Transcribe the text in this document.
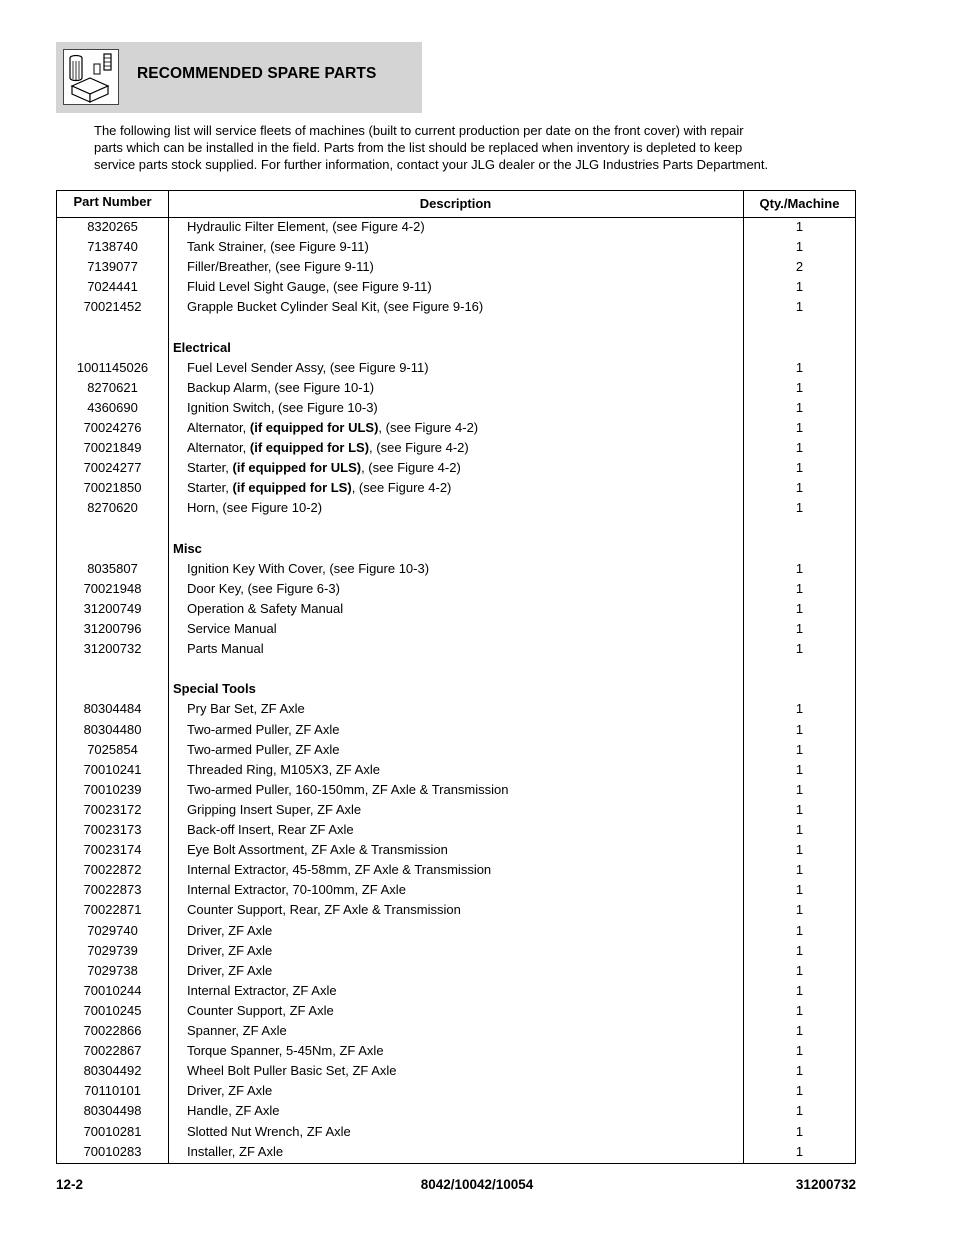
RECOMMENDED SPARE PARTS

The following list will service fleets of machines (built to current production per date on the front cover) with repair
parts which can be installed in the field. Parts from the list should be replaced when inventory is depleted to keep
service parts stock supplied. For further information, contact your JLG dealer or the JLG Industries Parts Department.

Part Number	Description	Qty./Machine
8320265	Hydraulic Filter Element, (see Figure 4-2)	1
7138740	Tank Strainer, (see Figure 9-11)	1
7139077	Filler/Breather, (see Figure 9-11)	2
7024441	Fluid Level Sight Gauge, (see Figure 9-11)	1
70021452	Grapple Bucket Cylinder Seal Kit, (see Figure 9-16)	1
Electrical
1001145026	Fuel Level Sender Assy, (see Figure 9-11)	1
8270621	Backup Alarm, (see Figure 10-1)	1
4360690	Ignition Switch, (see Figure 10-3)	1
70024276	Alternator, (if equipped for ULS), (see Figure 4-2)	1
70021849	Alternator, (if equipped for LS), (see Figure 4-2)	1
70024277	Starter, (if equipped for ULS), (see Figure 4-2)	1
70021850	Starter, (if equipped for LS), (see Figure 4-2)	1
8270620	Horn, (see Figure 10-2)	1
Misc
8035807	Ignition Key With Cover, (see Figure 10-3)	1
70021948	Door Key, (see Figure 6-3)	1
31200749	Operation & Safety Manual	1
31200796	Service Manual	1
31200732	Parts Manual	1
Special Tools
80304484	Pry Bar Set, ZF Axle	1
80304480	Two-armed Puller, ZF Axle	1
7025854	Two-armed Puller, ZF Axle	1
70010241	Threaded Ring, M105X3, ZF Axle	1
70010239	Two-armed Puller, 160-150mm, ZF Axle & Transmission	1
70023172	Gripping Insert Super, ZF Axle	1
70023173	Back-off Insert, Rear ZF Axle	1
70023174	Eye Bolt Assortment, ZF Axle & Transmission	1
70022872	Internal Extractor, 45-58mm, ZF Axle & Transmission	1
70022873	Internal Extractor, 70-100mm, ZF Axle	1
70022871	Counter Support, Rear, ZF Axle & Transmission	1
7029740	Driver, ZF Axle	1
7029739	Driver, ZF Axle	1
7029738	Driver, ZF Axle	1
70010244	Internal Extractor, ZF Axle	1
70010245	Counter Support, ZF Axle	1
70022866	Spanner, ZF Axle	1
70022867	Torque Spanner, 5-45Nm, ZF Axle	1
80304492	Wheel Bolt Puller Basic Set, ZF Axle	1
70110101	Driver, ZF Axle	1
80304498	Handle, ZF Axle	1
70010281	Slotted Nut Wrench, ZF Axle	1
70010283	Installer, ZF Axle	1
12-2	8042/10042/10054	31200732
